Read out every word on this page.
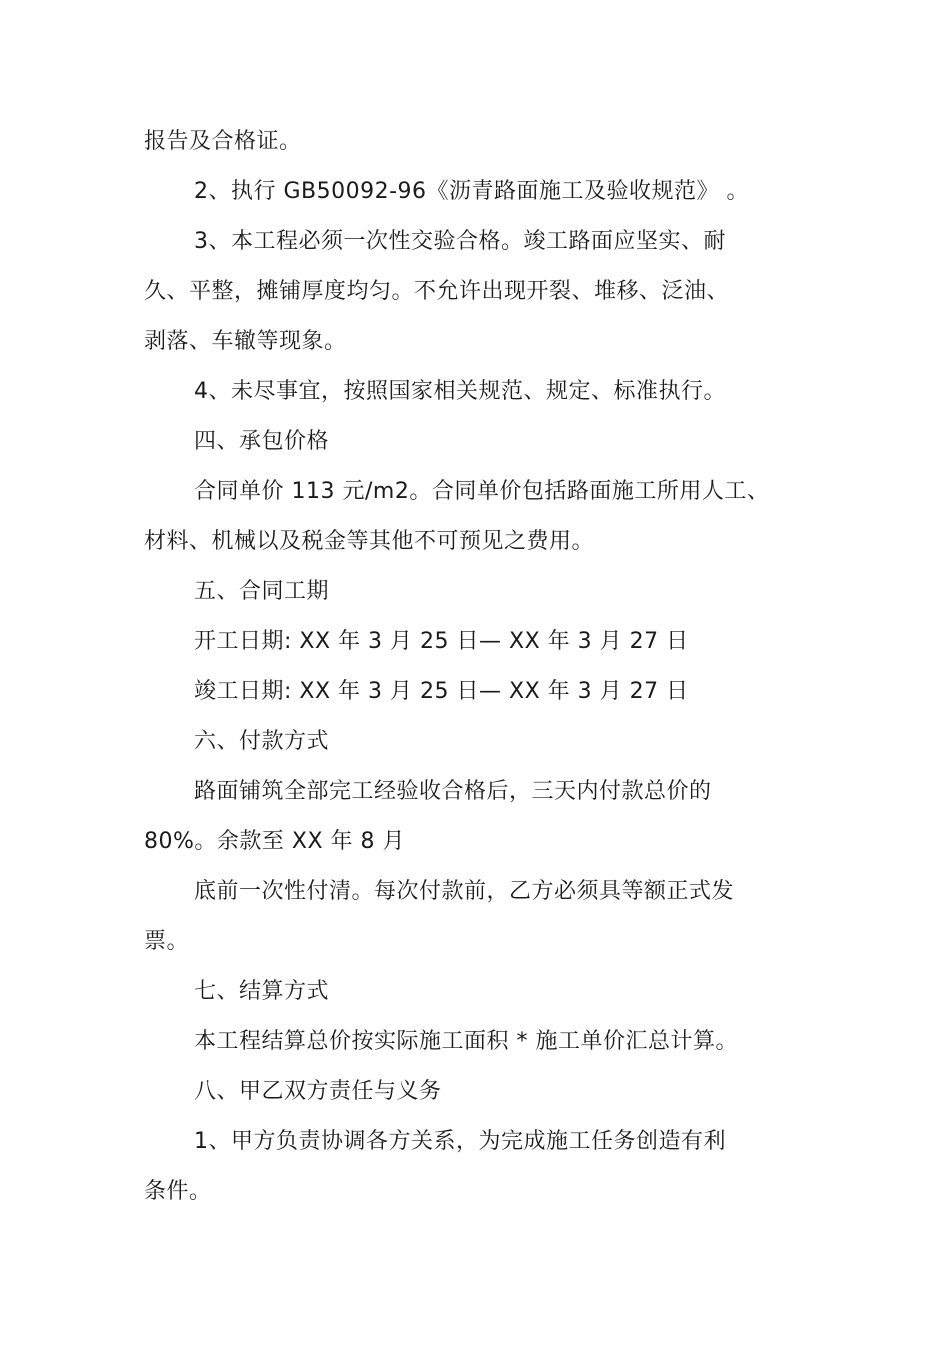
报告及合格证。
2、执行 GB50092-96《沥青路面施工及验收规范》 。
3、本工程必须一次性交验合格。竣工路面应坚实、耐
久、平整，摊铺厚度均匀。不允许出现开裂、堆移、泛油、
剥落、车辙等现象。
4、未尽事宜，按照国家相关规范、规定、标准执行。
四、承包价格
合同单价 113 元/m2。合同单价包括路面施工所用人工、
材料、机械以及税金等其他不可预见之费用。
五、合同工期
开工日期: XX 年 3 月 25 日— XX 年 3 月 27 日
竣工日期: XX 年 3 月 25 日— XX 年 3 月 27 日
六、付款方式
路面铺筑全部完工经验收合格后，三天内付款总价的
80%。余款至 XX 年 8 月
底前一次性付清。每次付款前，乙方必须具等额正式发
票。
七、结算方式
本工程结算总价按实际施工面积 * 施工单价汇总计算。
八、甲乙双方责任与义务
1、甲方负责协调各方关系，为完成施工任务创造有利
条件。
